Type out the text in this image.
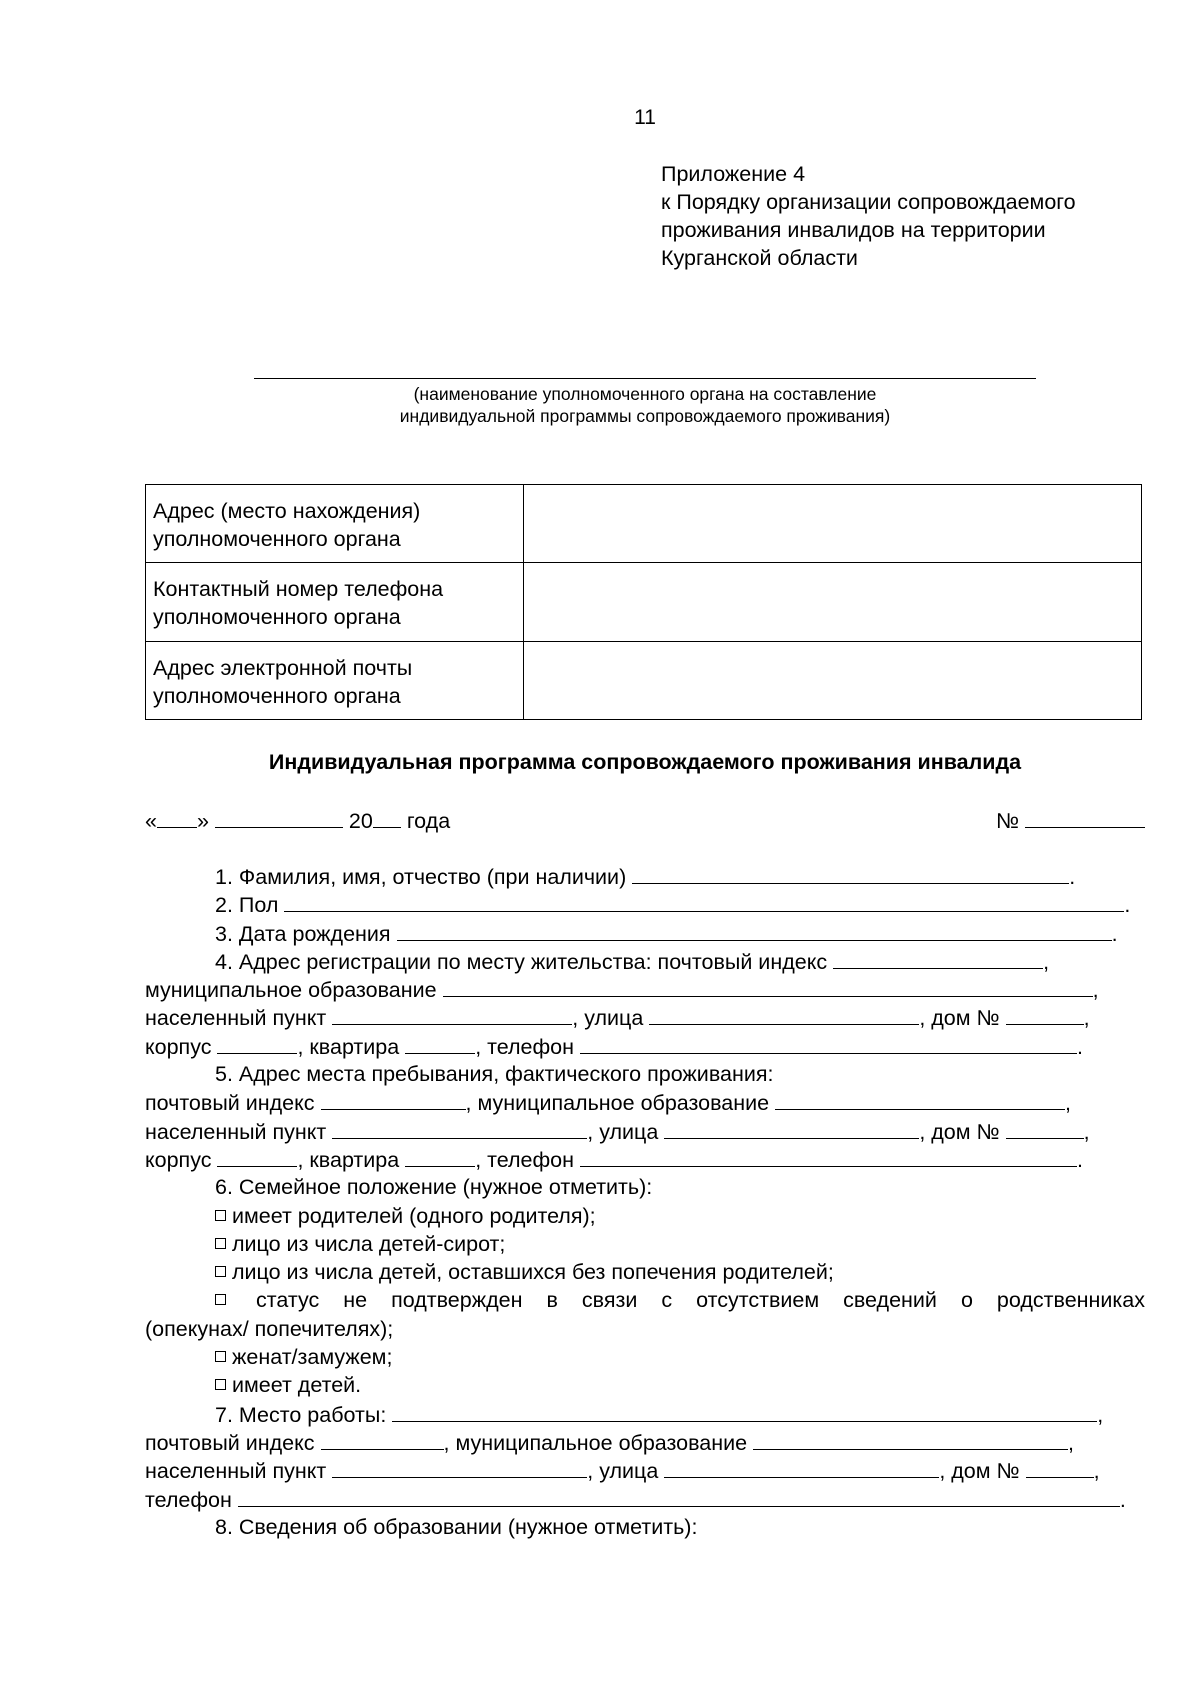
11
Приложение 4
к Порядку организации сопровождаемого
проживания инвалидов на территории
Курганской области
(наименование уполномоченного органа на составление
индивидуальной программы сопровождаемого проживания)
Адрес (место нахождения)
уполномоченного органа	

Контактный номер телефона
уполномоченного органа	

Адрес электронной почты
уполномоченного органа	

Индивидуальная программа сопровождаемого проживания инвалида
« »	20 года	№
1. Фамилия, имя, отчество (при наличии)	.
2. Пол	.
3. Дата рождения	.
4. Адрес регистрации по месту жительства: почтовый индекс	,
муниципальное образование	,
населенный пункт	, улица	, дом №	,
корпус	, квартира	, телефон	.
5. Адрес места пребывания, фактического проживания:
почтовый индекс	, муниципальное образование	,
населенный пункт	, улица	, дом №	,
корпус	, квартира	, телефон	.
6. Семейное положение (нужное отметить):
имеет родителей (одного родителя);
лицо из числа детей-сирот;
лицо из числа детей, оставшихся без попечения родителей;
статус не подтвержден в связи с отсутствием сведений о родственниках
(опекунах/ попечителях);
женат/замужем;
имеет детей.
7. Место работы:	,
почтовый индекс	, муниципальное образование	,
населенный пункт	, улица	, дом №	,
телефон	.
8. Сведения об образовании (нужное отметить):
